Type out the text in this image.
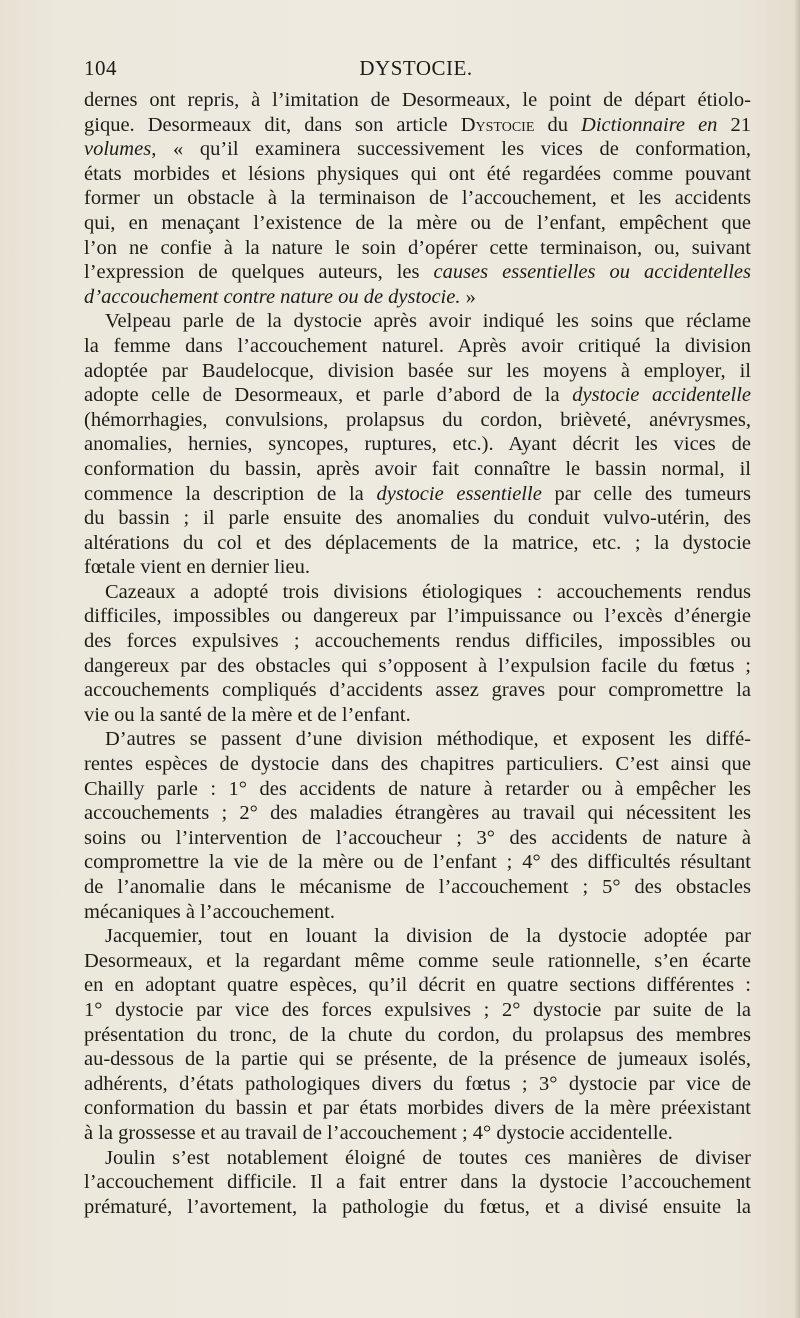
104	DYSTOCIE.
dernes ont repris, à l’imitation de Desormeaux, le point de départ étiolo-
gique. Desormeaux dit, dans son article Dystocie du Dictionnaire en 21
volumes, « qu’il examinera successivement les vices de conformation,
états morbides et lésions physiques qui ont été regardées comme pouvant
former un obstacle à la terminaison de l’accouchement, et les accidents
qui, en menaçant l’existence de la mère ou de l’enfant, empêchent que
l’on ne confie à la nature le soin d’opérer cette terminaison, ou, suivant
l’expression de quelques auteurs, les causes essentielles ou accidentelles
d’accouchement contre nature ou de dystocie. »
Velpeau parle de la dystocie après avoir indiqué les soins que réclame
la femme dans l’accouchement naturel. Après avoir critiqué la division
adoptée par Baudelocque, division basée sur les moyens à employer, il
adopte celle de Desormeaux, et parle d’abord de la dystocie accidentelle
(hémorrhagies, convulsions, prolapsus du cordon, brièveté, anévrysmes,
anomalies, hernies, syncopes, ruptures, etc.). Ayant décrit les vices de
conformation du bassin, après avoir fait connaître le bassin normal, il
commence la description de la dystocie essentielle par celle des tumeurs
du bassin ; il parle ensuite des anomalies du conduit vulvo-utérin, des
altérations du col et des déplacements de la matrice, etc. ; la dystocie
fœtale vient en dernier lieu.
Cazeaux a adopté trois divisions étiologiques : accouchements rendus
difficiles, impossibles ou dangereux par l’impuissance ou l’excès d’énergie
des forces expulsives ; accouchements rendus difficiles, impossibles ou
dangereux par des obstacles qui s’opposent à l’expulsion facile du fœtus ;
accouchements compliqués d’accidents assez graves pour compromettre la
vie ou la santé de la mère et de l’enfant.
D’autres se passent d’une division méthodique, et exposent les diffé-
rentes espèces de dystocie dans des chapitres particuliers. C’est ainsi que
Chailly parle : 1° des accidents de nature à retarder ou à empêcher les
accouchements ; 2° des maladies étrangères au travail qui nécessitent les
soins ou l’intervention de l’accoucheur ; 3° des accidents de nature à
compromettre la vie de la mère ou de l’enfant ; 4° des difficultés résultant
de l’anomalie dans le mécanisme de l’accouchement ; 5° des obstacles
mécaniques à l’accouchement.
Jacquemier, tout en louant la division de la dystocie adoptée par
Desormeaux, et la regardant même comme seule rationnelle, s’en écarte
en en adoptant quatre espèces, qu’il décrit en quatre sections différentes :
1° dystocie par vice des forces expulsives ; 2° dystocie par suite de la
présentation du tronc, de la chute du cordon, du prolapsus des membres
au-dessous de la partie qui se présente, de la présence de jumeaux isolés,
adhérents, d’états pathologiques divers du fœtus ; 3° dystocie par vice de
conformation du bassin et par états morbides divers de la mère préexistant
à la grossesse et au travail de l’accouchement ; 4° dystocie accidentelle.
Joulin s’est notablement éloigné de toutes ces manières de diviser
l’accouchement difficile. Il a fait entrer dans la dystocie l’accouchement
prématuré, l’avortement, la pathologie du fœtus, et a divisé ensuite la
